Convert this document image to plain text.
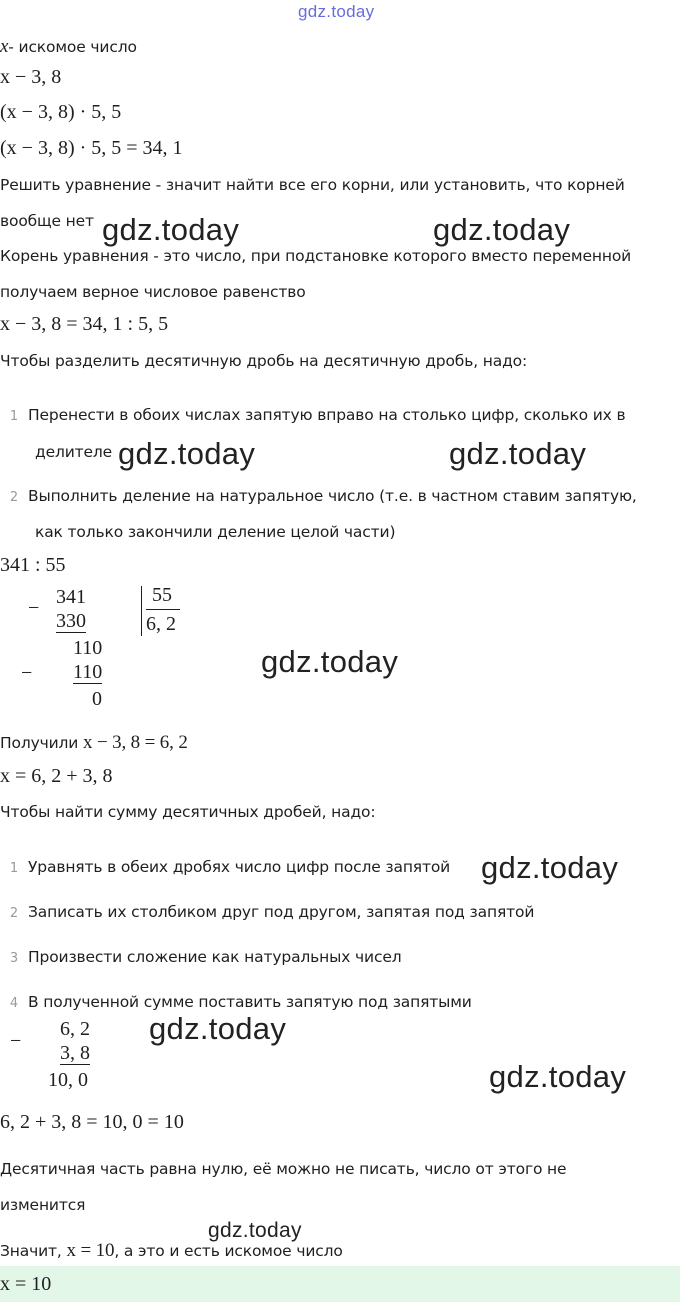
gdz.today
x- искомое число
x − 3, 8
(x − 3, 8) · 5, 5
(x − 3, 8) · 5, 5 = 34, 1
Решить уравнение - значит найти все его корни, или установить, что корней
вообще нет gdz.today	gdz.today
Корень уравнения - это число, при подстановке которого вместо переменной
получаем верное числовое равенство
x − 3, 8 = 34, 1 : 5, 5
Чтобы разделить десятичную дробь на десятичную дробь, надо:
1 Перенести в обоих числах запятую вправо на столько цифр, сколько их в
делителе gdz.today	gdz.today
2 Выполнить деление на натуральное число (т.е. в частном ставим запятую,
как только закончили деление целой части)
341 : 55
− 341
330
55
6, 2
110
− 110
0
gdz.today
Получили x − 3, 8 = 6, 2
x = 6, 2 + 3, 8
Чтобы найти сумму десятичных дробей, надо:
1 Уравнять в обеих дробях число цифр после запятой gdz.today
2 Записать их столбиком друг под другом, запятая под запятой
3 Произвести сложение как натуральных чисел
4 В полученной сумме поставить запятую под запятыми
6, 2
−
3, 8
10, 0
gdz.today
gdz.today
6, 2 + 3, 8 = 10, 0 = 10
Десятичная часть равна нулю, её можно не писать, число от этого не
изменится
gdz.today
Значит, x = 10, а это и есть искомое число
x = 10
